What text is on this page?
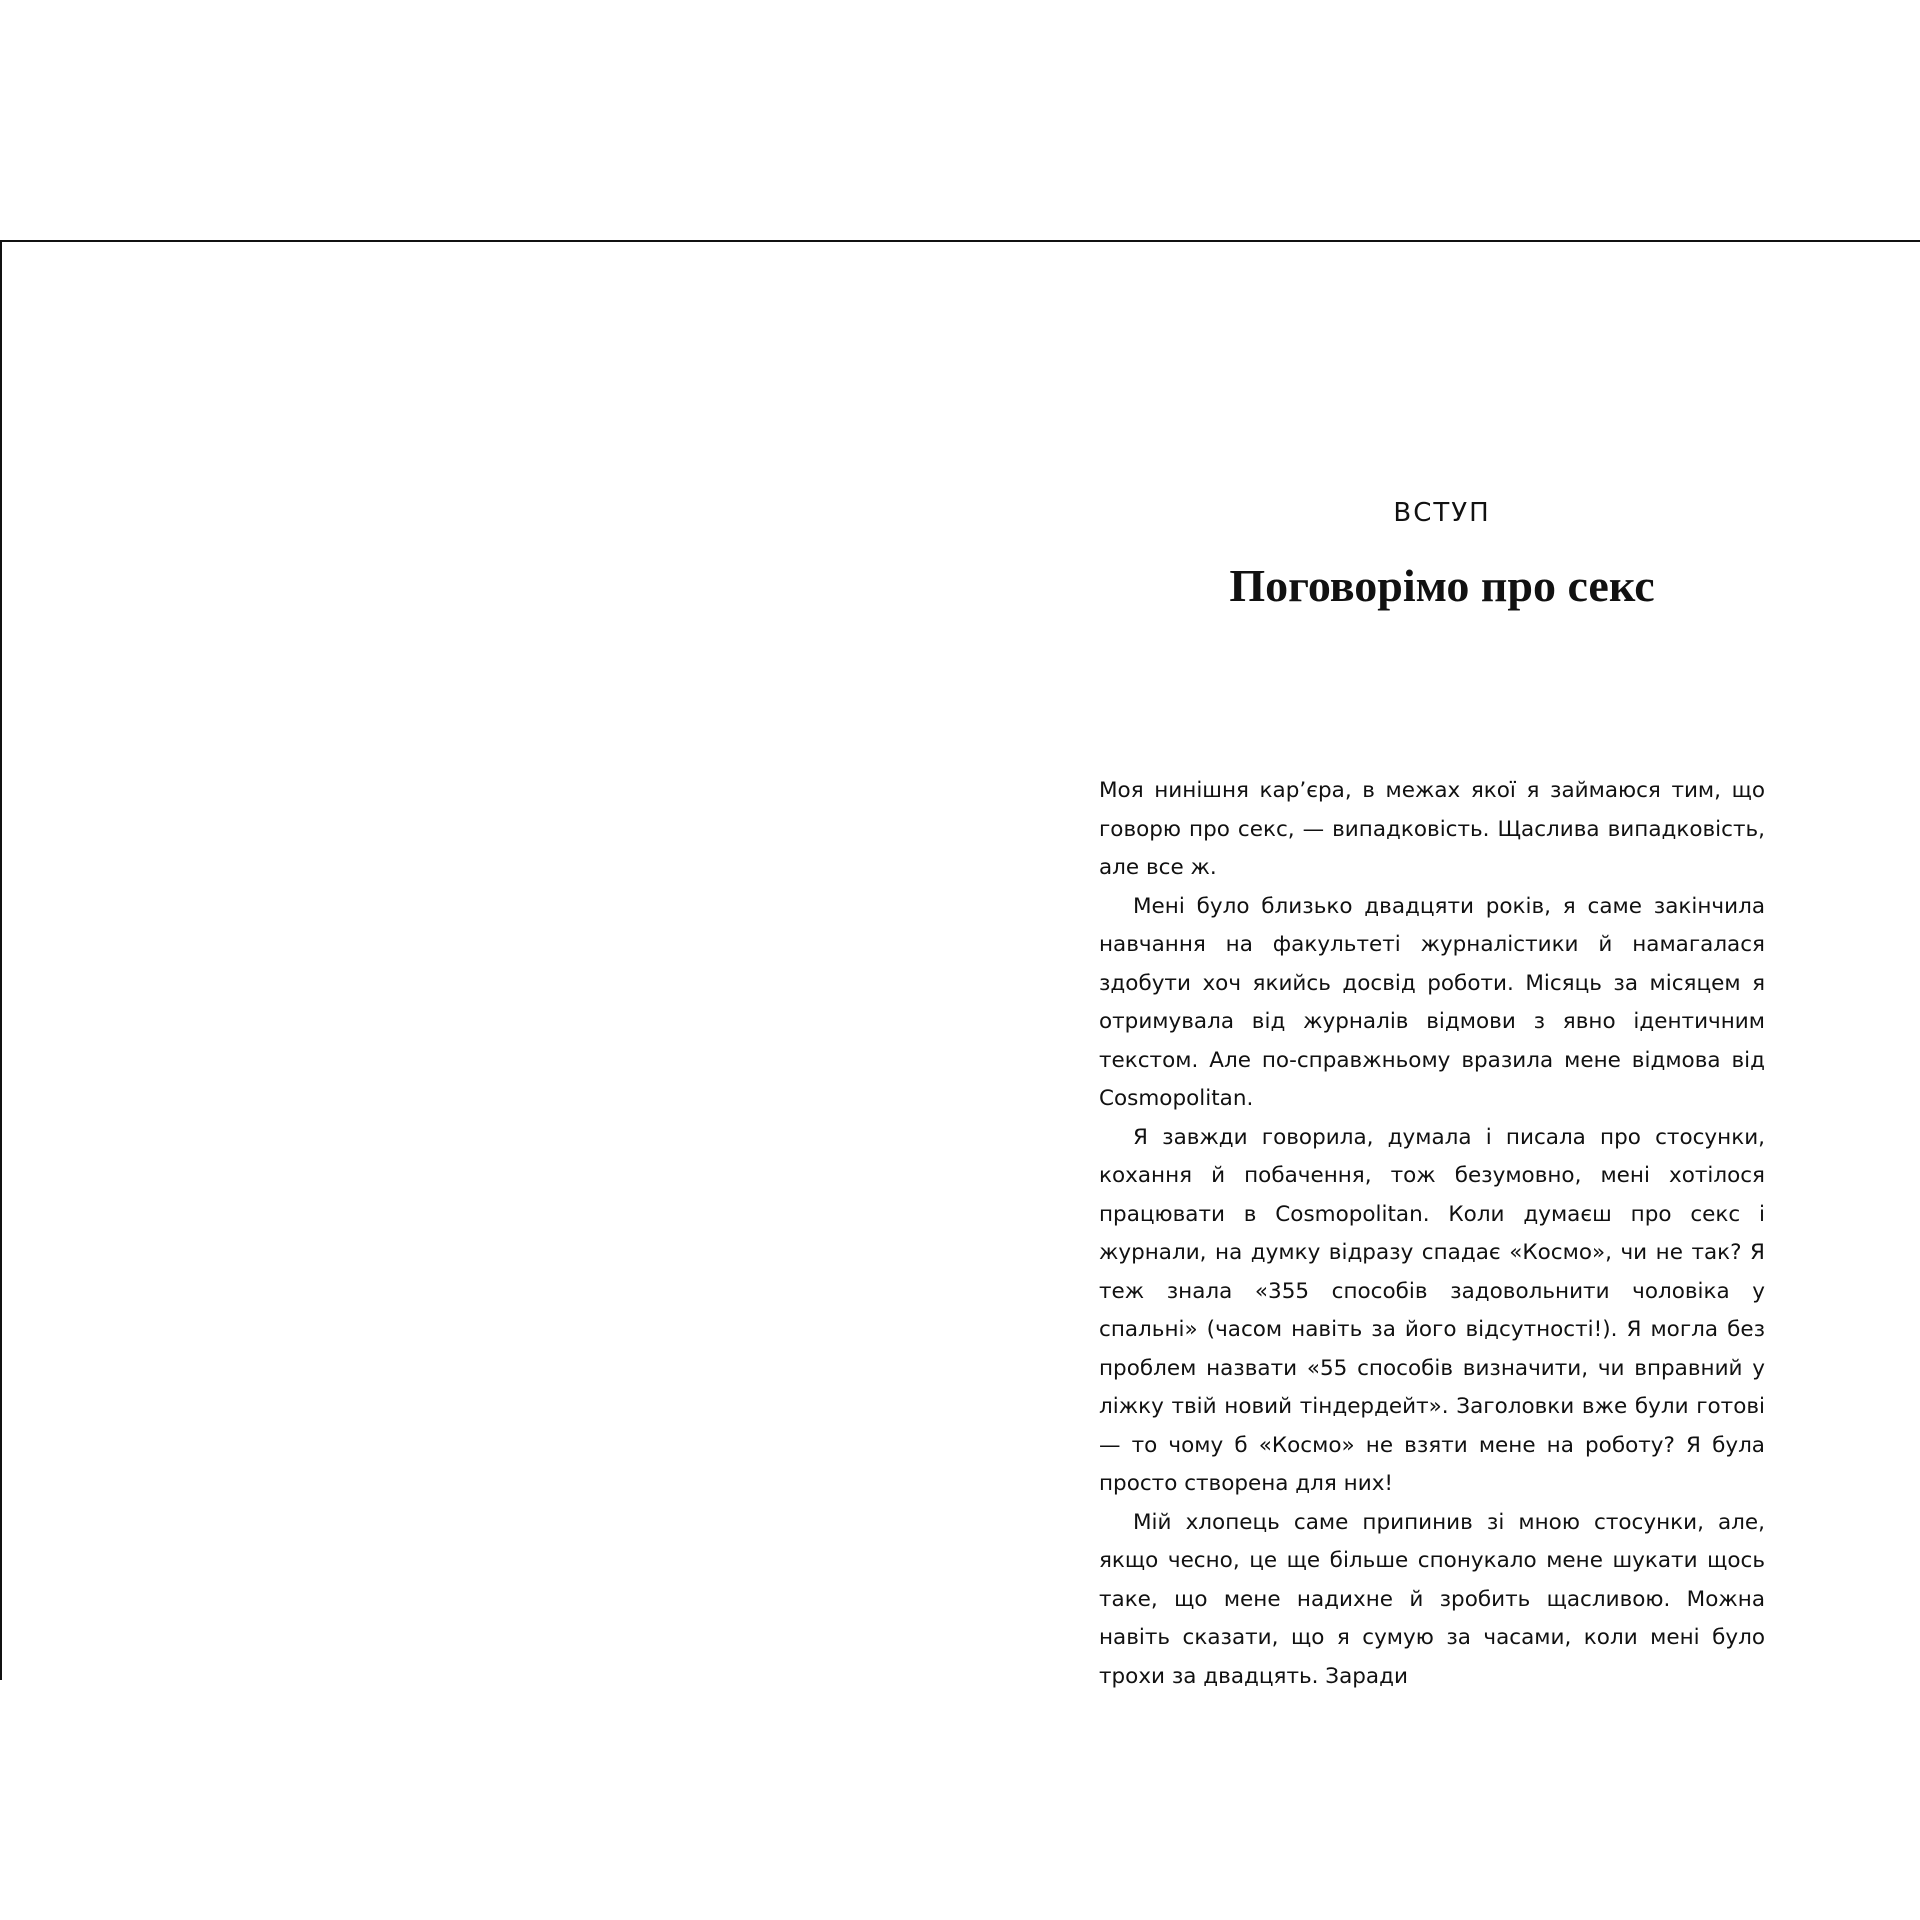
ВСТУП
Поговорімо про секс

Моя нинішня кар’єра, в межах якої я займаюся тим, що говорю про секс, — випадковість. Щаслива випадковість, але все ж.

Мені було близько двадцяти років, я саме закінчила навчання на факультеті журналістики й намагалася здобути хоч якийсь досвід роботи. Місяць за місяцем я отримувала від журналів відмови з явно ідентичним текстом. Але по-справжньому вразила мене відмова від Cosmopolitan.

Я завжди говорила, думала і писала про стосунки, кохання й побачення, тож безумовно, мені хотілося працювати в Cosmopolitan. Коли думаєш про секс і журнали, на думку відразу спадає «Космо», чи не так? Я теж знала «355 способів задовольнити чоловіка у спальні» (часом навіть за його відсутності!). Я могла без проблем назвати «55 способів визначити, чи вправний у ліжку твій новий тіндердейт». Заголовки вже були готові — то чому б «Космо» не взяти мене на роботу? Я була просто створена для них!

Мій хлопець саме припинив зі мною стосунки, але, якщо чесно, це ще більше спонукало мене шукати щось таке, що мене надихне й зробить щасливою. Можна навіть сказати, що я сумую за часами, коли мені було трохи за двадцять. Заради
